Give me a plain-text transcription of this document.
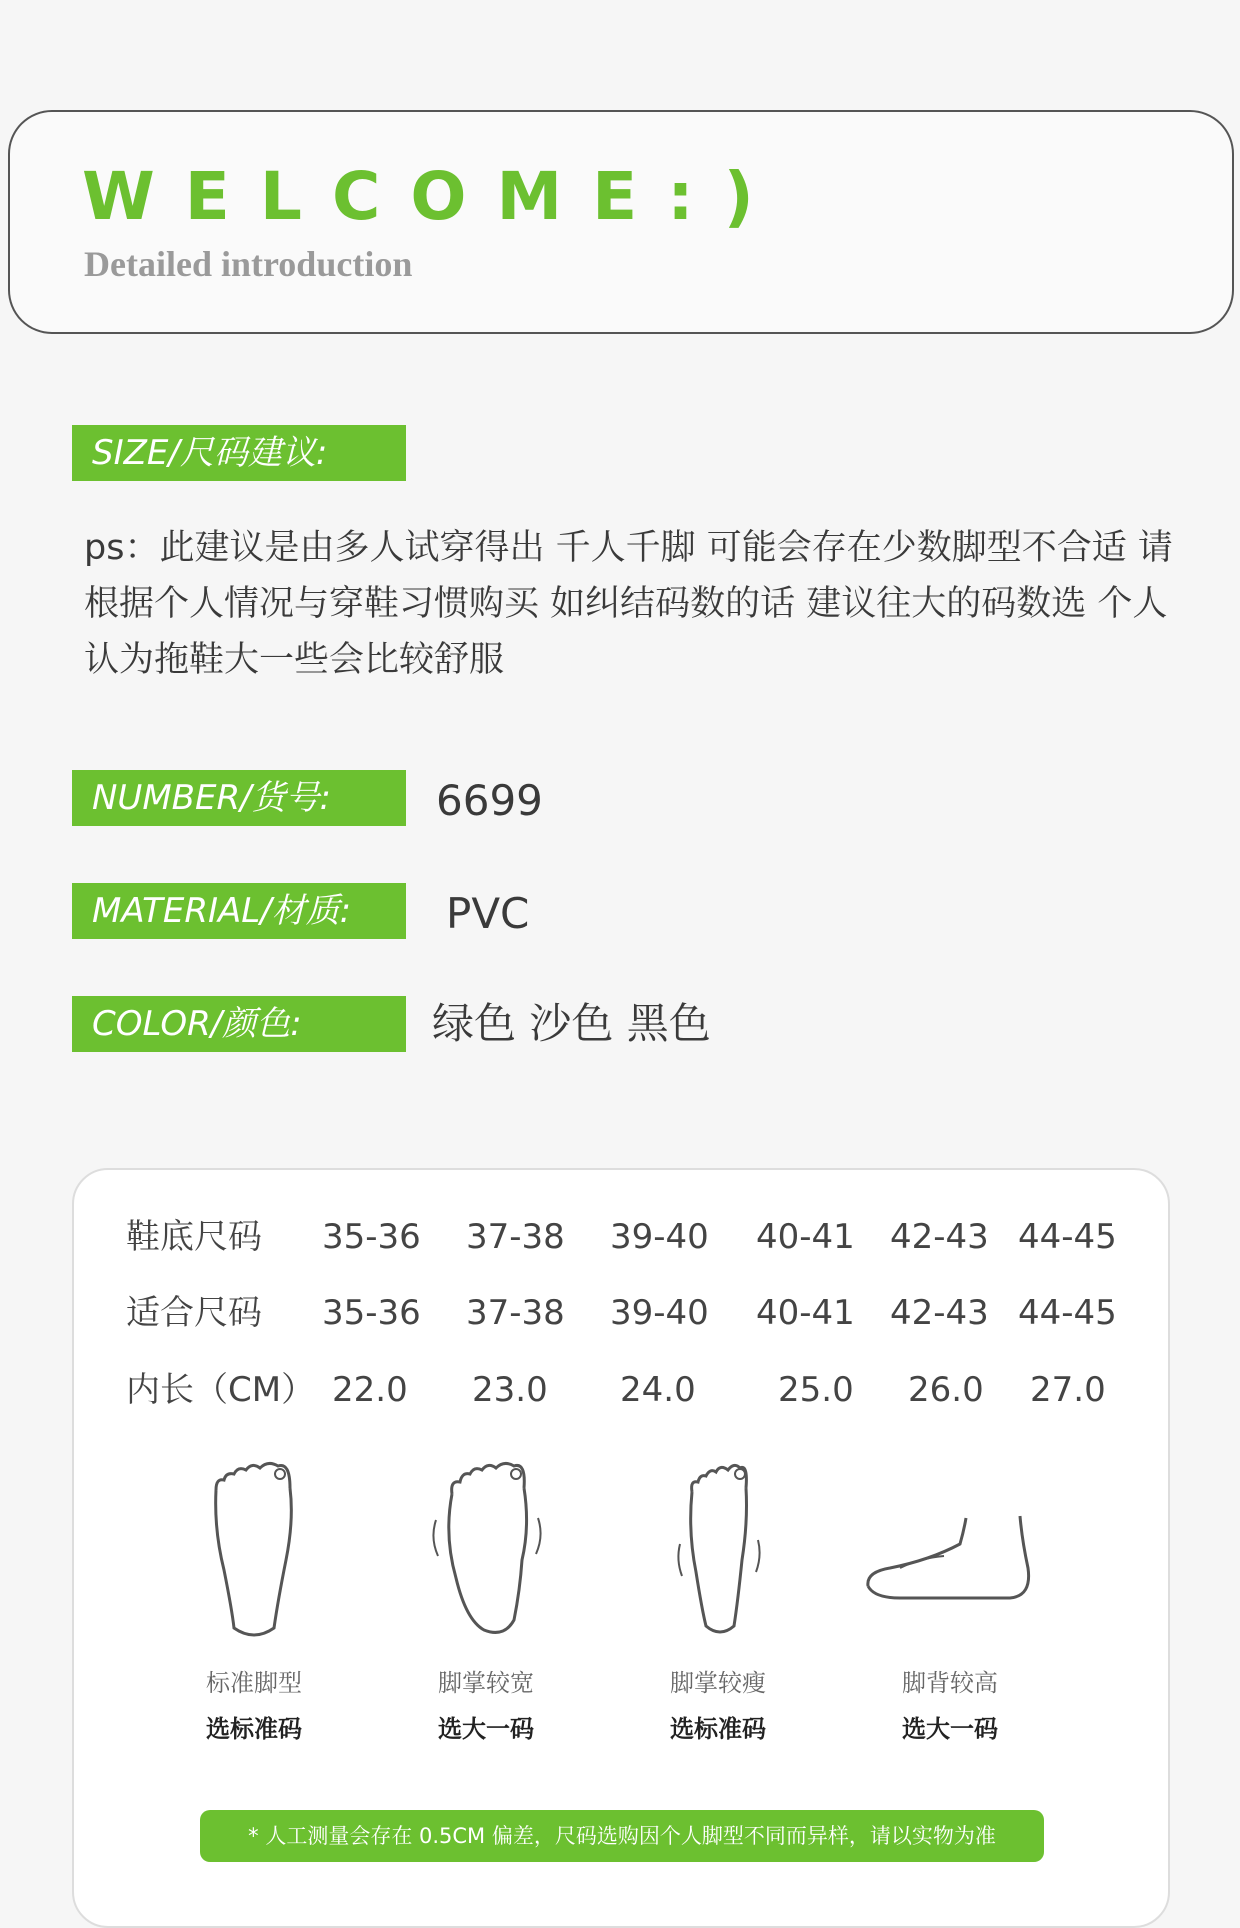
WELCOME:)
Detailed introduction
SIZE/尺码建议:
ps：此建议是由多人试穿得出 千人千脚 可能会存在少数脚型不合适 请根据个人情况与穿鞋习惯购买 如纠结码数的话 建议往大的码数选 个人认为拖鞋大一些会比较舒服
NUMBER/货号:	6699
MATERIAL/材质:	PVC
COLOR/颜色:	绿色 沙色 黑色
鞋底尺码 35-36 37-38 39-40 40-41 42-43 44-45
适合尺码 35-36 37-38 39-40 40-41 42-43 44-45
内长（CM） 22.0 23.0 24.0 25.0 26.0 27.0
标准脚型
选标准码
脚掌较宽
选大一码
脚掌较瘦
选标准码
脚背较高
选大一码
* 人工测量会存在 0.5CM 偏差，尺码选购因个人脚型不同而异样，请以实物为准
